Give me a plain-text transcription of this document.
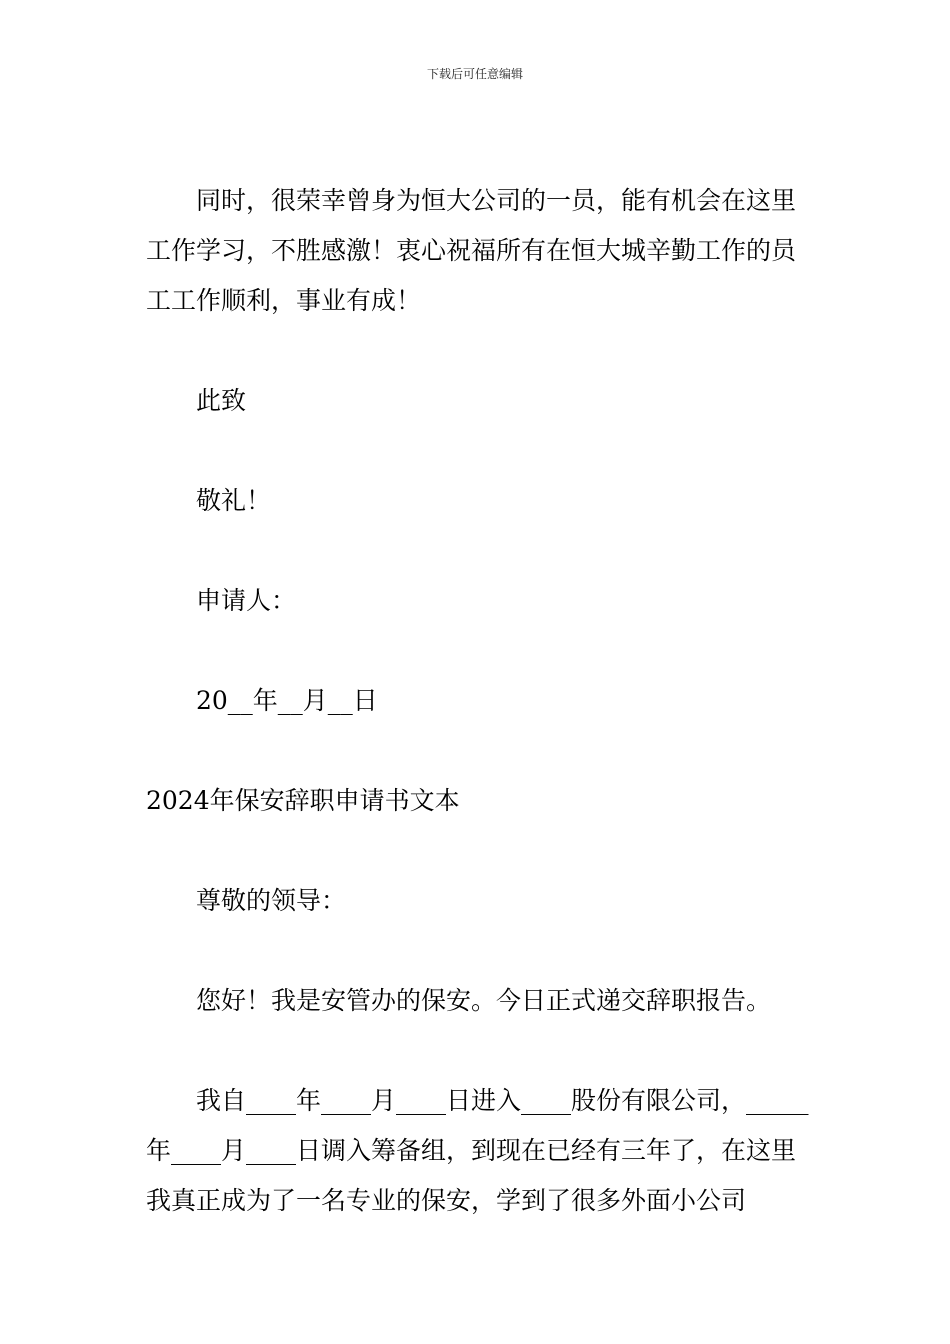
下载后可任意编辑

同时，很荣幸曾身为恒大公司的一员，能有机会在这里工作学习，不胜感激！衷心祝福所有在恒大城辛勤工作的员工工作顺利，事业有成！

此致

敬礼！

申请人：

20__年__月__日

2024年保安辞职申请书文本

尊敬的领导：

您好！我是安管办的保安。今日正式递交辞职报告。

我自____年____月____日进入____股份有限公司，_____年____月____日调入筹备组，到现在已经有三年了，在这里我真正成为了一名专业的保安，学到了很多外面小公司
